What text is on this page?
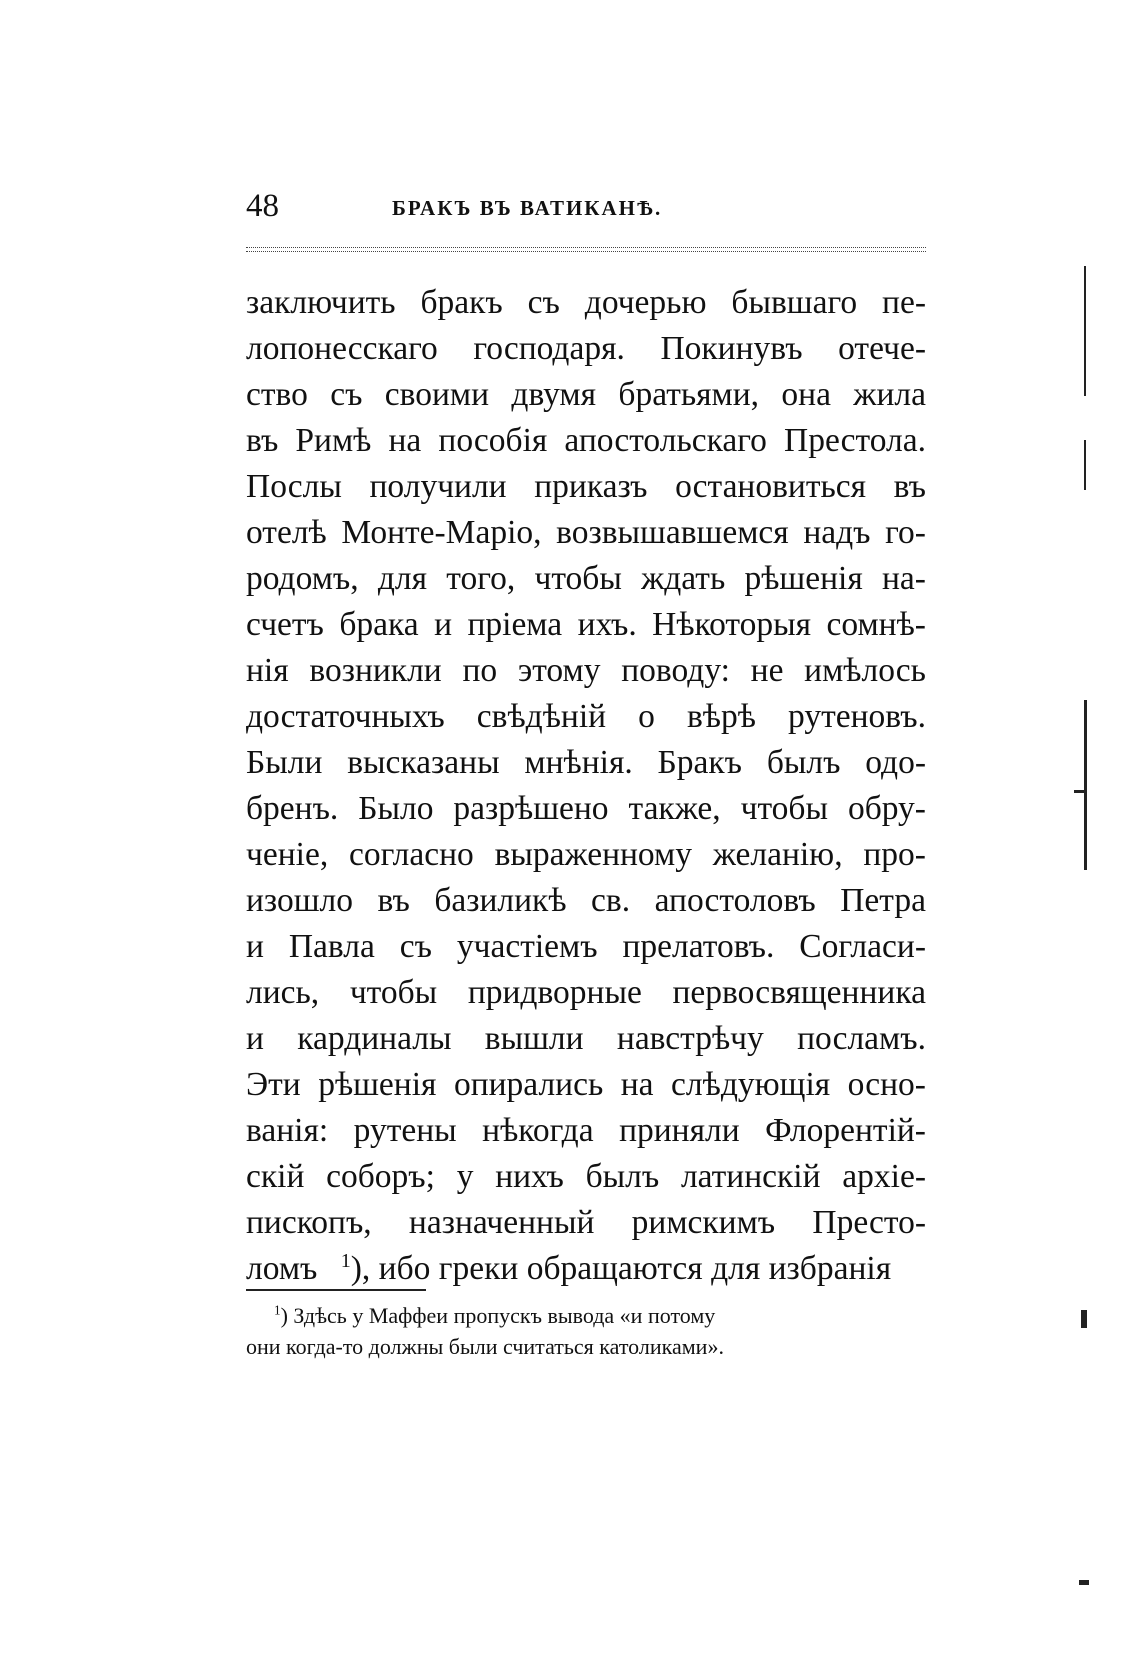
48	БРАКЪ ВЪ ВАТИКАНѢ.
заключить бракъ съ дочерью бывшаго пе-
лопонесскаго господаря. Покинувъ отече-
ство съ своими двумя братьями, она жила
въ Римѣ на пособія апостольскаго Престола.
Послы получили приказъ остановиться въ
отелѣ Монте-Маріо, возвышавшемся надъ го-
родомъ, для того, чтобы ждать рѣшенія на-
счетъ брака и пріема ихъ. Нѣкоторыя сомнѣ-
нія возникли по этому поводу: не имѣлось
достаточныхъ свѣдѣній о вѣрѣ рутеновъ.
Были высказаны мнѣнія. Бракъ былъ одо-
бренъ. Было разрѣшено также, чтобы обру-
ченіе, согласно выраженному желанію, про-
изошло въ базиликѣ св. апостоловъ Петра
и Павла съ участіемъ прелатовъ. Согласи-
лись, чтобы придворные первосвященника
и кардиналы вышли навстрѣчу посламъ.
Эти рѣшенія опирались на слѣдующія осно-
ванія: рутены нѣкогда приняли Флорентій-
скій соборъ; у нихъ былъ латинскій архіе-
пископъ, назначенный римскимъ Престо-
ломъ $^1$), ибо греки обращаются для избранія
$^1$) Здѣсь у Маффеи пропускъ вывода «и потому
они когда-то должны были считаться католиками».
